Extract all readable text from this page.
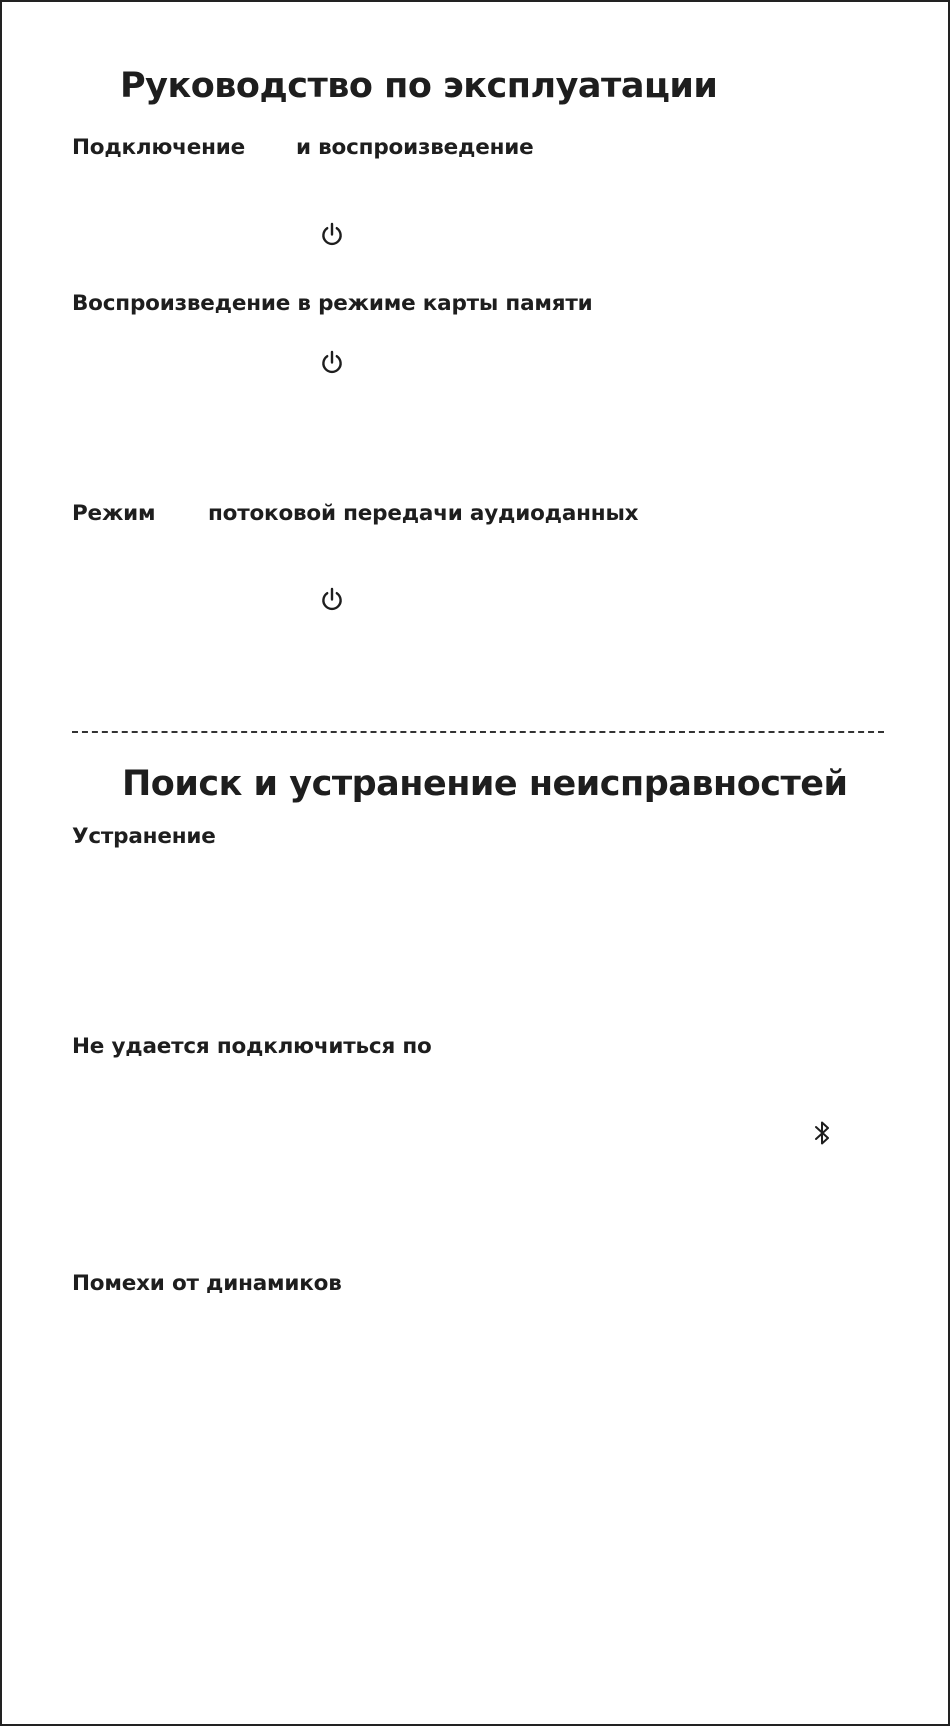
Руководство по эксплуатации
Подключение и воспроизведение
Воспроизведение в режиме карты памяти
Режим потоковой передачи аудиоданных
Поиск и устранение неисправностей
Устранение
Не удается подключиться по
Помехи от динамиков
